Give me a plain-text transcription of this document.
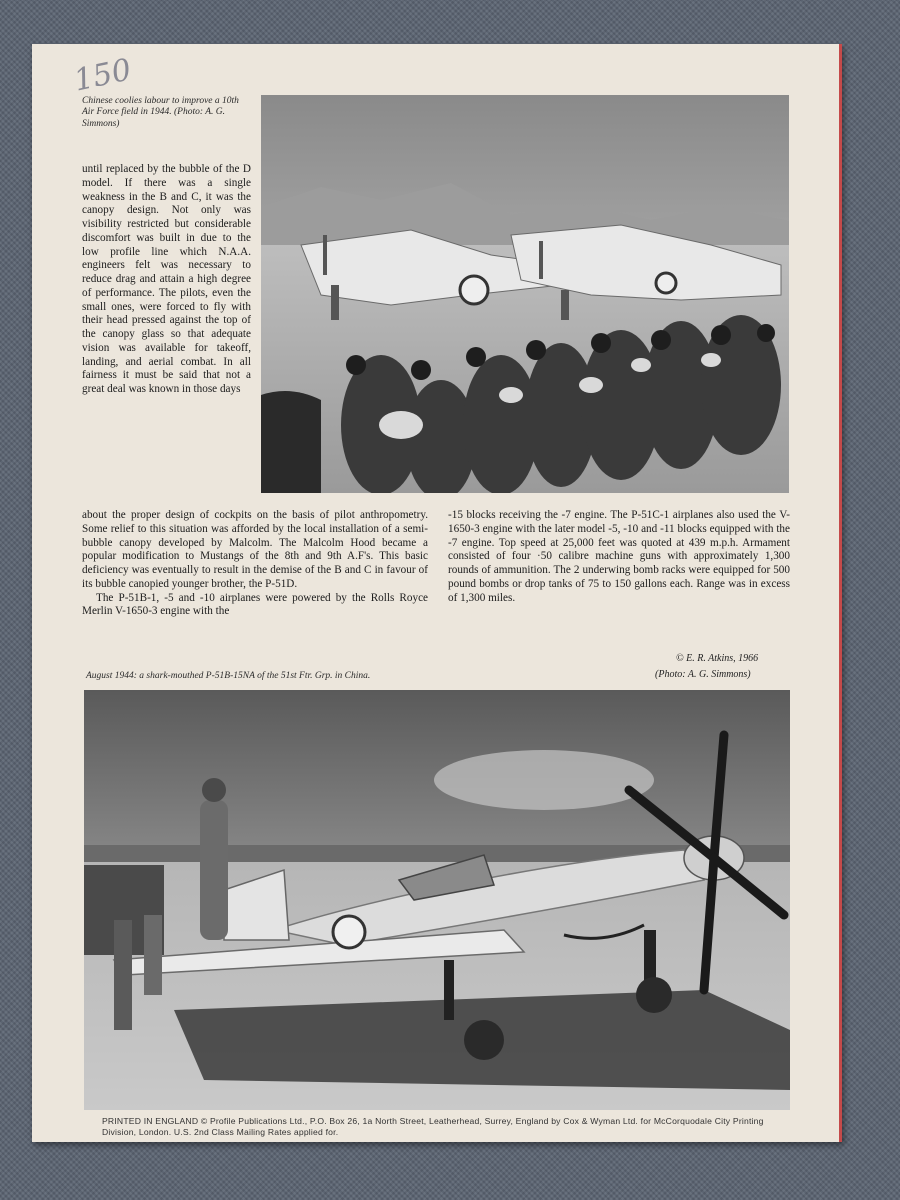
150
Chinese coolies labour to improve a 10th Air Force field in 1944. (Photo: A. G. Simmons)

until replaced by the bubble of the D model. If there was a single weakness in the B and C, it was the canopy design. Not only was visibility restricted but considerable discomfort was built in due to the low profile line which N.A.A. engineers felt was necessary to reduce drag and attain a high degree of performance. The pilots, even the small ones, were forced to fly with their head pressed against the top of the canopy glass so that adequate vision was available for takeoff, landing, and aerial combat. In all fairness it must be said that not a great deal was known in those days

about the proper design of cockpits on the basis of pilot anthropometry. Some relief to this situation was afforded by the local installation of a semi-bubble canopy developed by Malcolm. The Malcolm Hood became a popular modification to Mustangs of the 8th and 9th A.F's. This basic deficiency was eventually to result in the demise of the B and C in favour of its bubble canopied younger brother, the P-51D.

The P-51B-1, -5 and -10 airplanes were powered by the Rolls Royce Merlin V-1650-3 engine with the

-15 blocks receiving the -7 engine. The P-51C-1 airplanes also used the V-1650-3 engine with the later model -5, -10 and -11 blocks equipped with the -7 engine. Top speed at 25,000 feet was quoted at 439 m.p.h. Armament consisted of four ·50 calibre machine guns with approximately 1,300 rounds of ammunition. The 2 underwing bomb racks were equipped for 500 pound bombs or drop tanks of 75 to 150 gallons each. Range was in excess of 1,300 miles.

© E. R. Atkins, 1966
(Photo: A. G. Simmons)
August 1944: a shark-mouthed P-51B-15NA of the 51st Ftr. Grp. in China.
PRINTED IN ENGLAND © Profile Publications Ltd., P.O. Box 26, 1a North Street, Leatherhead, Surrey, England by Cox & Wyman Ltd. for McCorquodale City Printing Division, London. U.S. 2nd Class Mailing Rates applied for.
